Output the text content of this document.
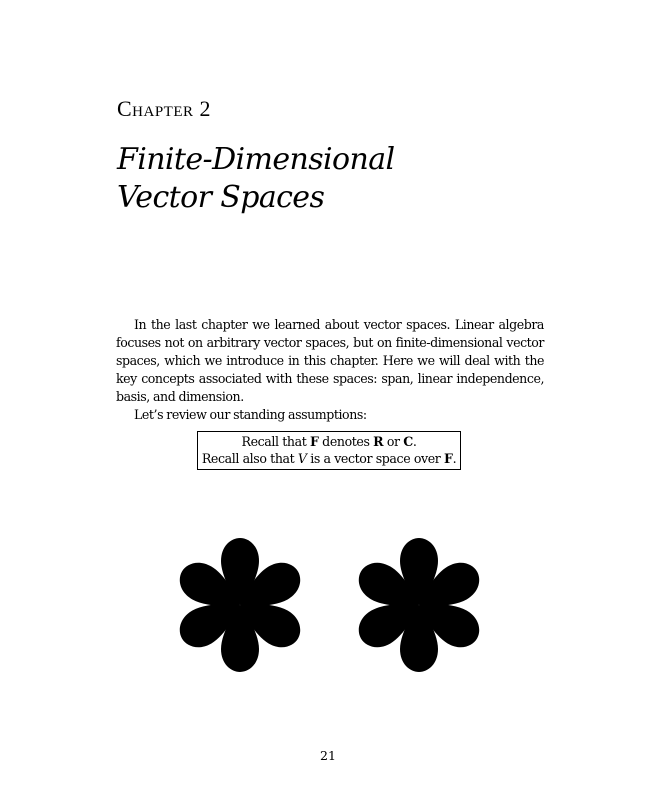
Chapter 2
Finite-Dimensional
Vector Spaces

In the last chapter we learned about vector spaces. Linear algebra focuses not on arbitrary vector spaces, but on finite-dimensional vector spaces, which we introduce in this chapter. Here we will deal with the key concepts associated with these spaces: span, linear independence, basis, and dimension.

Let’s review our standing assumptions:

Recall that F denotes R or C.
Recall also that V is a vector space over F.
21
